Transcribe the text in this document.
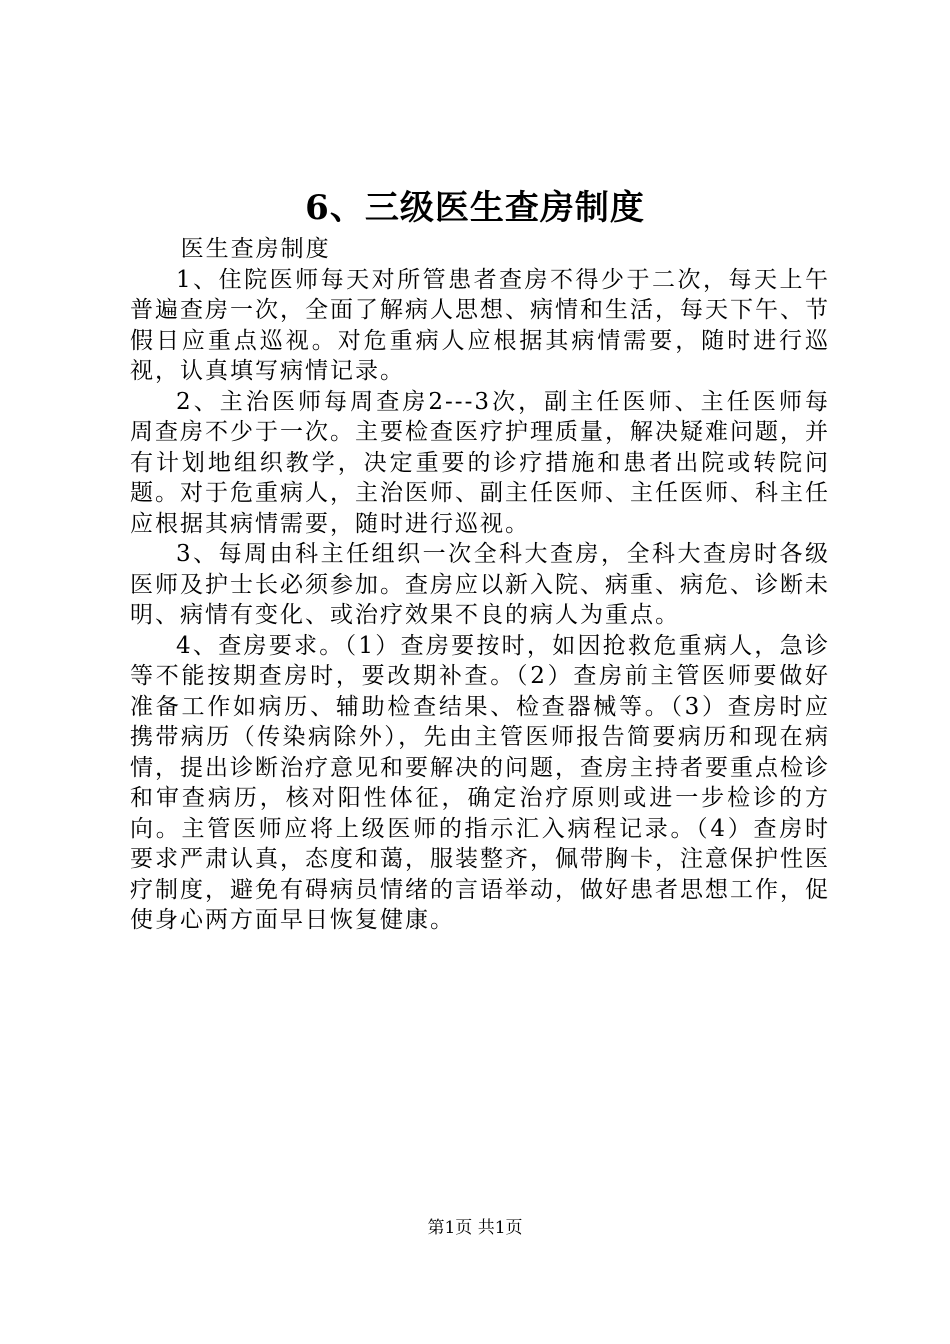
6、三级医生查房制度

医生查房制度

1、住院医师每天对所管患者查房不得少于二次，每天上午普遍查房一次，全面了解病人思想、病情和生活，每天下午、节假日应重点巡视。对危重病人应根据其病情需要，随时进行巡视，认真填写病情记录。

2、主治医师每周查房2---3次，副主任医师、主任医师每周查房不少于一次。主要检查医疗护理质量，解决疑难问题，并有计划地组织教学，决定重要的诊疗措施和患者出院或转院问题。对于危重病人，主治医师、副主任医师、主任医师、科主任应根据其病情需要，随时进行巡视。

3、每周由科主任组织一次全科大查房，全科大查房时各级医师及护士长必须参加。查房应以新入院、病重、病危、诊断未明、病情有变化、或治疗效果不良的病人为重点。

4、查房要求。（1）查房要按时，如因抢救危重病人，急诊等不能按期查房时，要改期补查。（2）查房前主管医师要做好准备工作如病历、辅助检查结果、检查器械等。（3）查房时应携带病历（传染病除外），先由主管医师报告简要病历和现在病情，提出诊断治疗意见和要解决的问题，查房主持者要重点检诊和审查病历，核对阳性体征，确定治疗原则或进一步检诊的方向。主管医师应将上级医师的指示汇入病程记录。（4）查房时要求严肃认真，态度和蔼，服装整齐，佩带胸卡，注意保护性医疗制度，避免有碍病员情绪的言语举动，做好患者思想工作，促使身心两方面早日恢复健康。

第1页 共1页
